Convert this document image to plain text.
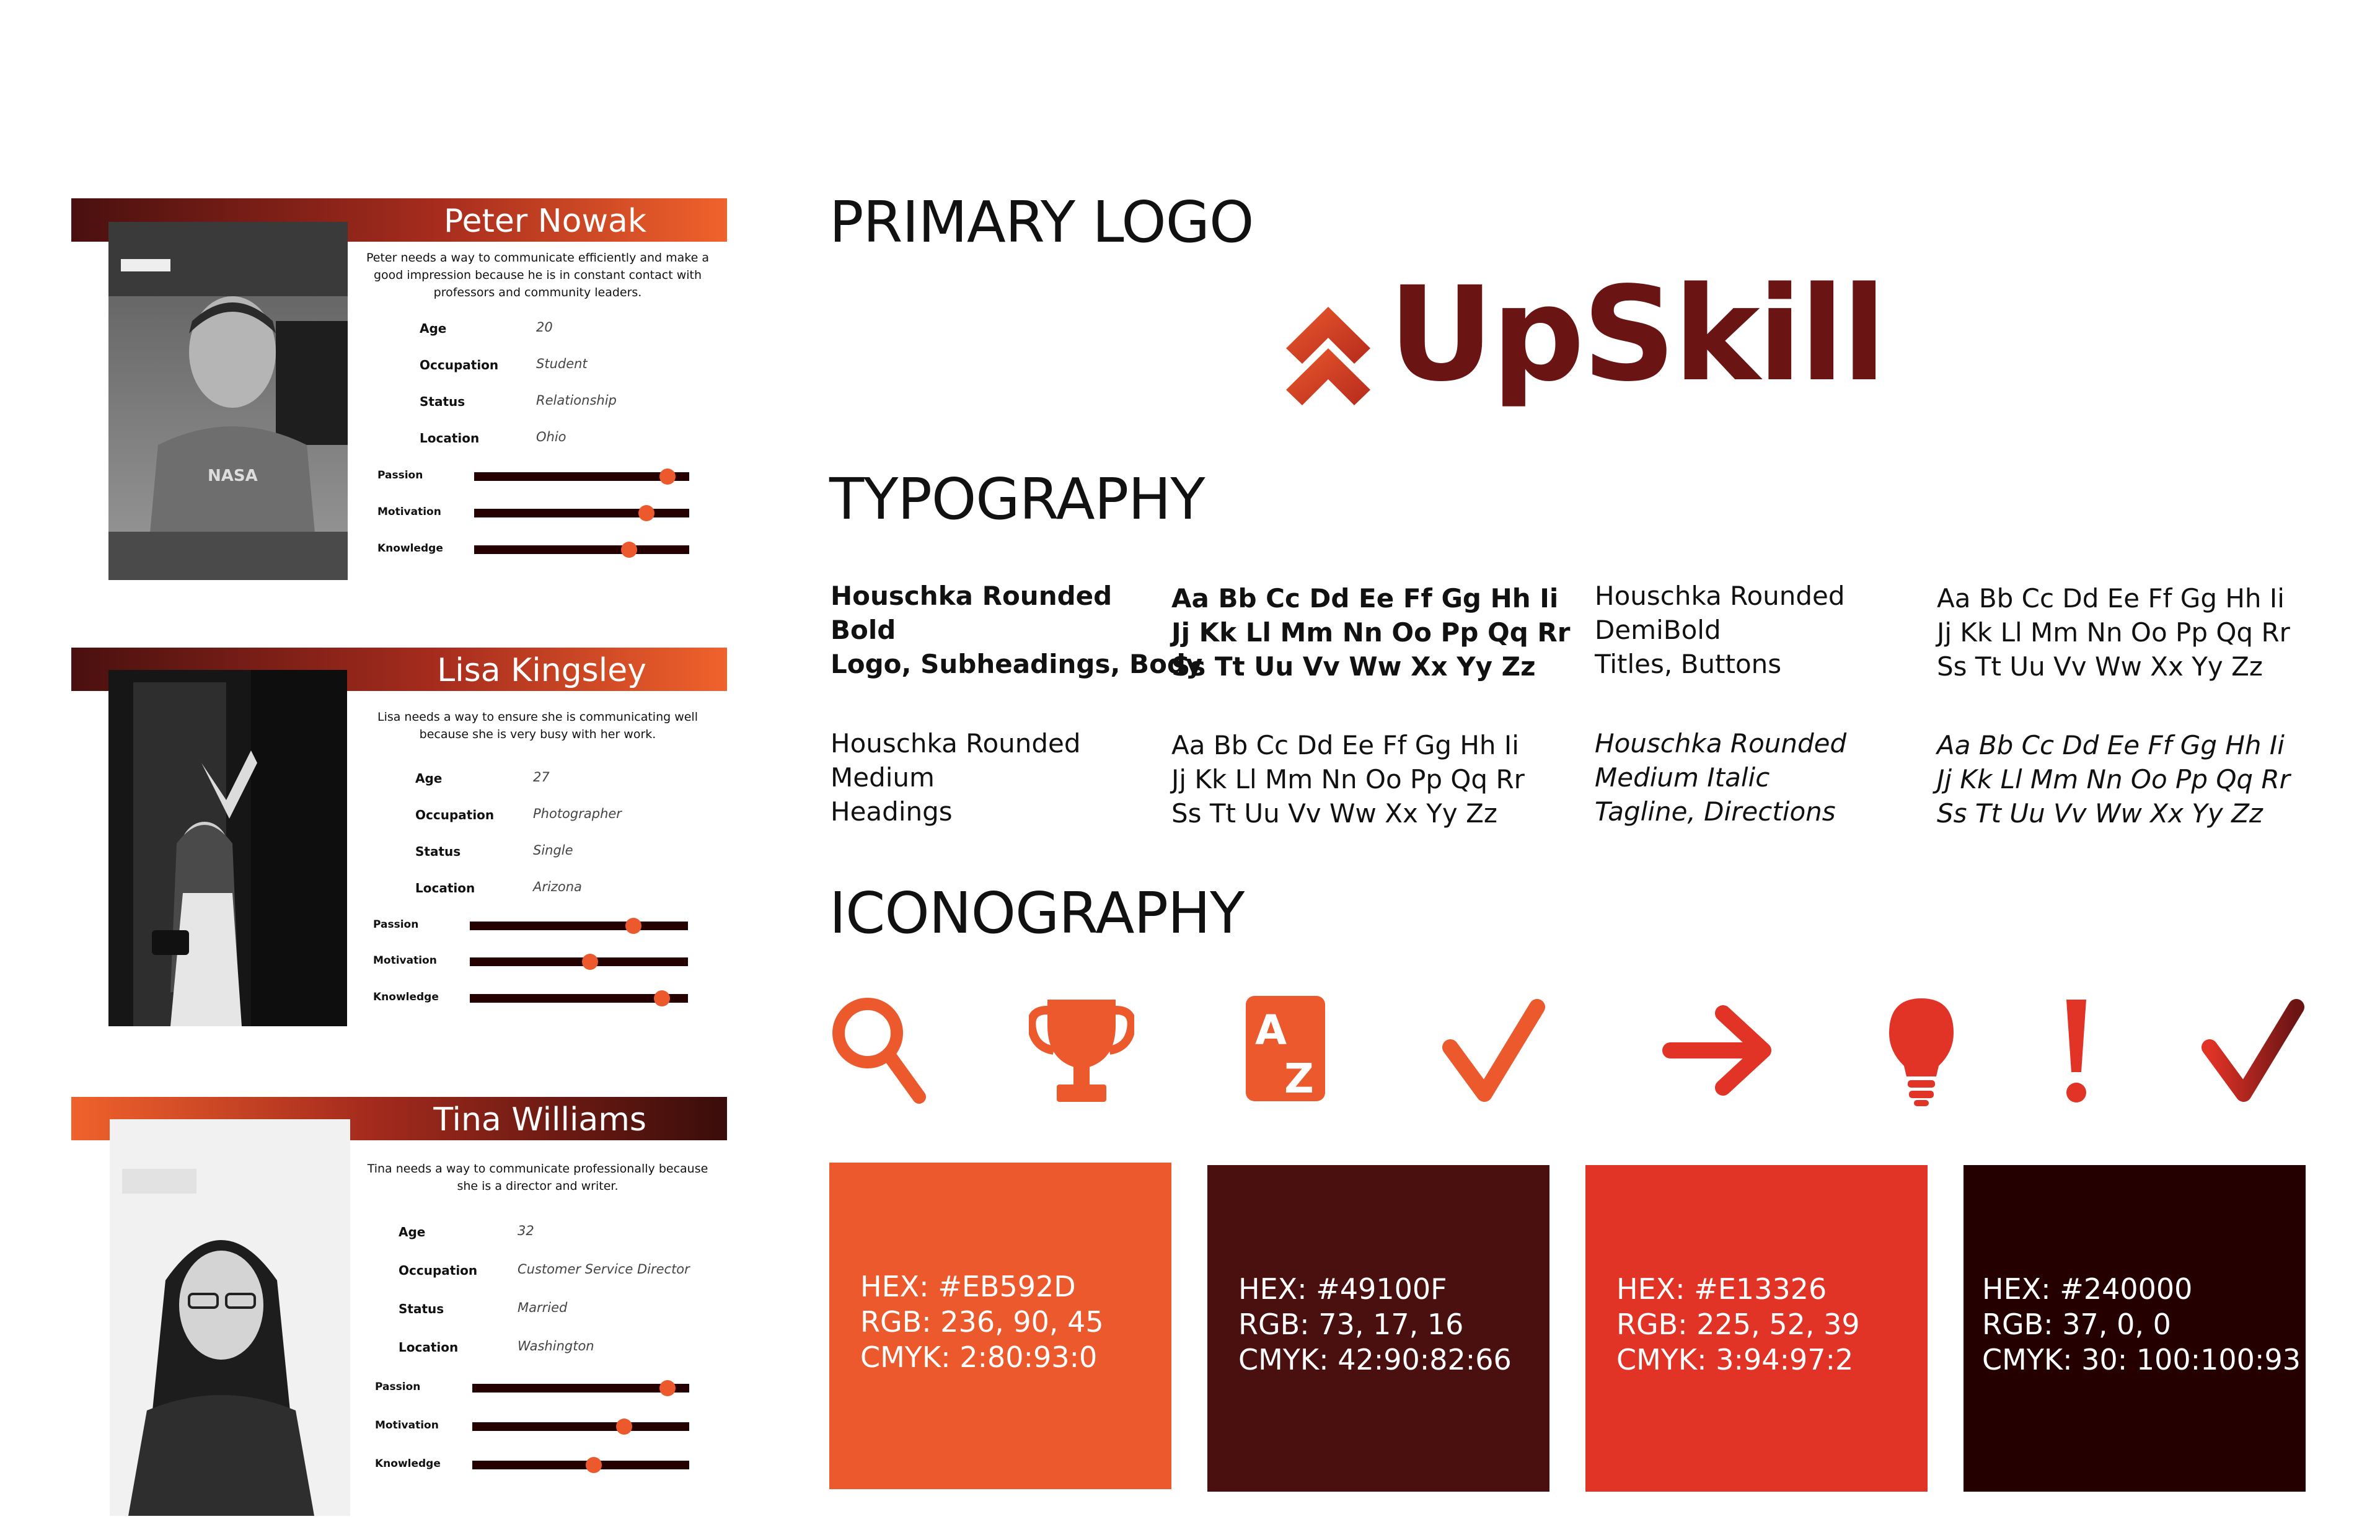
Peter Nowak
NASA
Peter needs a way to communicate efficiently and make a good impression because he is in constant contact with professors and community leaders.
Age	20
Occupation	Student
Status	Relationship
Location	Ohio
Passion
Motivation
Knowledge
Lisa Kingsley
Lisa needs a way to ensure she is communicating well because she is very busy with her work.
Age	27
Occupation	Photographer
Status	Single
Location	Arizona
Passion
Motivation
Knowledge
Tina Williams
Tina needs a way to communicate professionally because she is a director and writer.
Age	32
Occupation	Customer Service Director
Status	Married
Location	Washington
Passion
Motivation
Knowledge
PRIMARY LOGO
UpSkill
TYPOGRAPHY
Houschka Rounded
Bold
Logo, Subheadings, Body
Aa Bb Cc Dd Ee Ff Gg Hh Ii
Jj Kk Ll Mm Nn Oo Pp Qq Rr
Ss Tt Uu Vv Ww Xx Yy Zz
Houschka Rounded
DemiBold
Titles, Buttons
Aa Bb Cc Dd Ee Ff Gg Hh Ii
Jj Kk Ll Mm Nn Oo Pp Qq Rr
Ss Tt Uu Vv Ww Xx Yy Zz
Houschka Rounded
Medium
Headings
Aa Bb Cc Dd Ee Ff Gg Hh Ii
Jj Kk Ll Mm Nn Oo Pp Qq Rr
Ss Tt Uu Vv Ww Xx Yy Zz
Houschka Rounded
Medium Italic
Tagline, Directions
Aa Bb Cc Dd Ee Ff Gg Hh Ii
Jj Kk Ll Mm Nn Oo Pp Qq Rr
Ss Tt Uu Vv Ww Xx Yy Zz
ICONOGRAPHY
A
Z
HEX: #EB592D
RGB: 236, 90, 45
CMYK: 2:80:93:0
HEX: #49100F
RGB: 73, 17, 16
CMYK: 42:90:82:66
HEX: #E13326
RGB: 225, 52, 39
CMYK: 3:94:97:2
HEX: #240000
RGB: 37, 0, 0
CMYK: 30: 100:100:93
